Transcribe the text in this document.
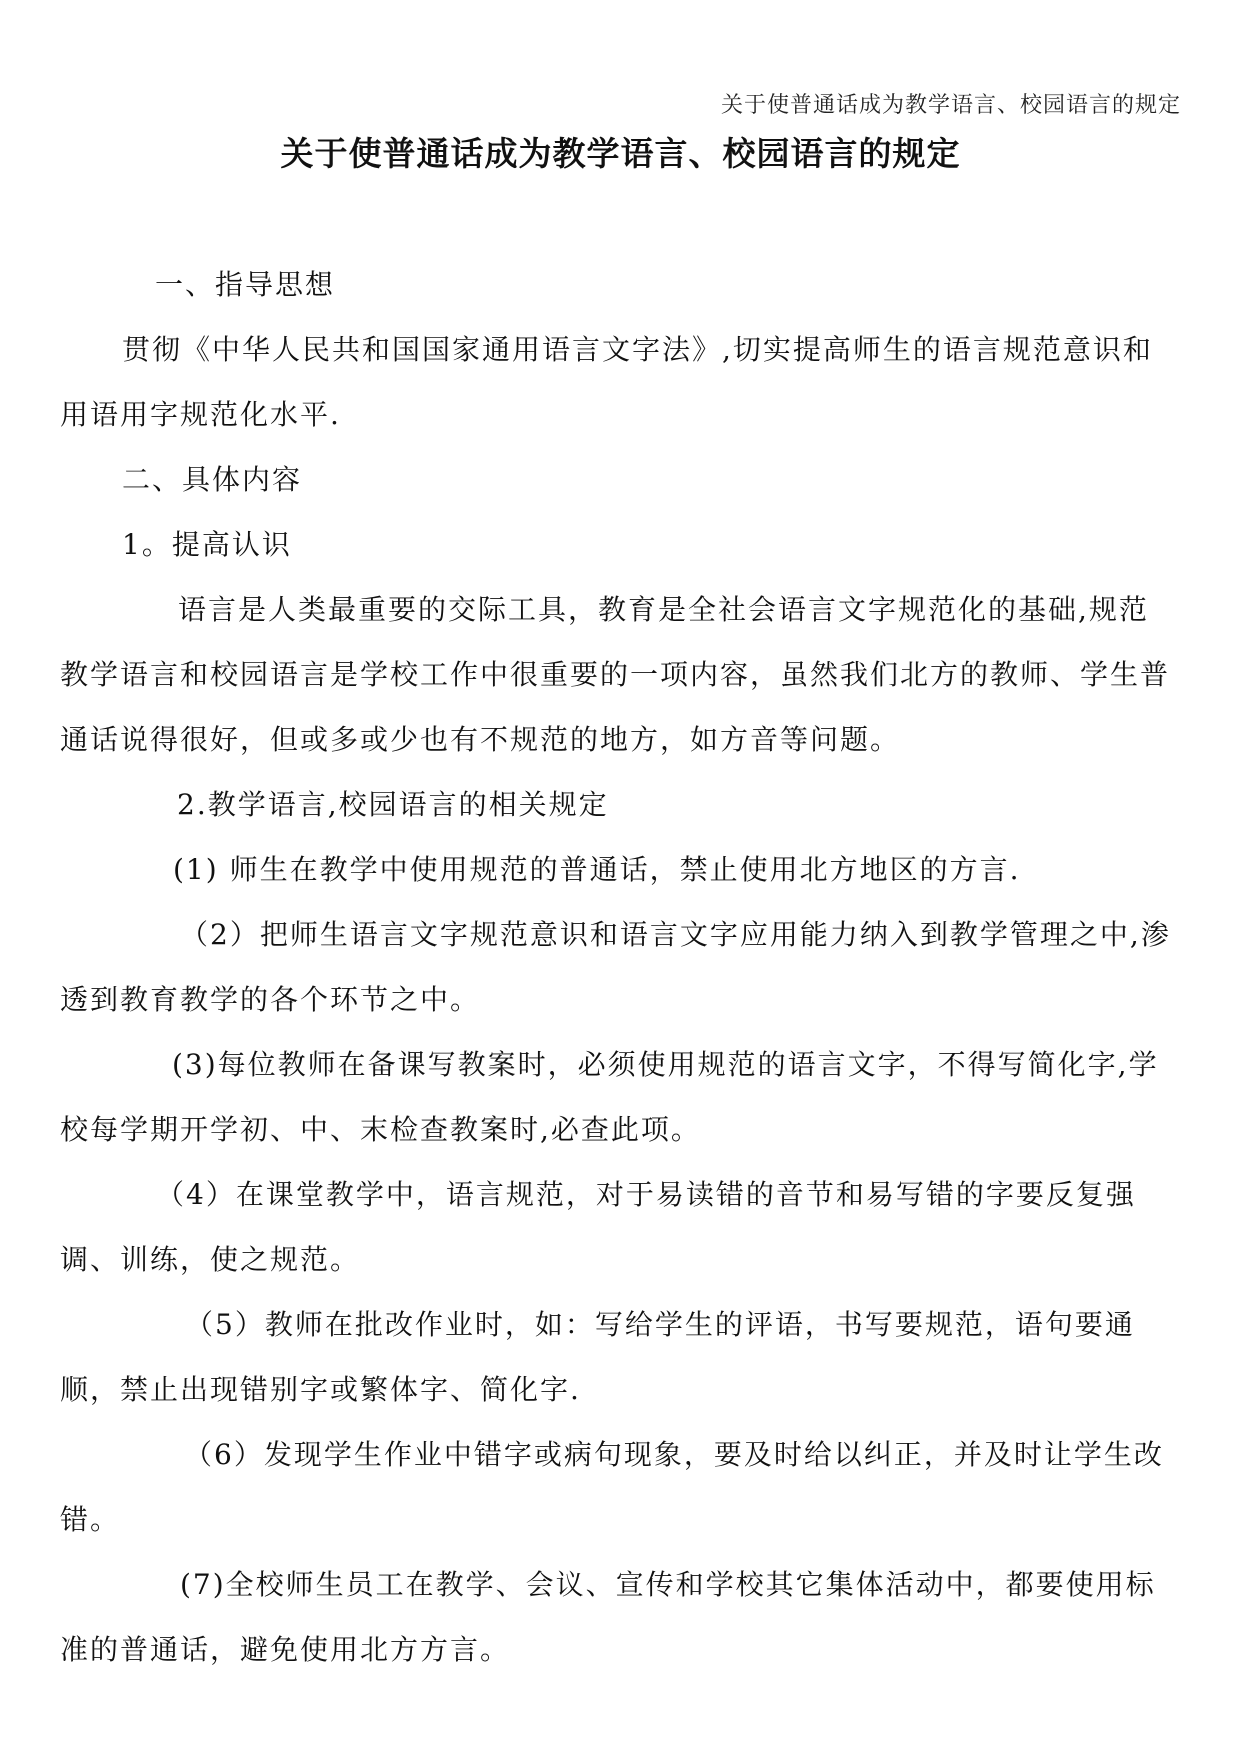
关于使普通话成为教学语言、校园语言的规定
关于使普通话成为教学语言、校园语言的规定

一、指导思想

贯彻《中华人民共和国国家通用语言文字法》,切实提高师生的语言规范意识和用语用字规范化水平.

二、具体内容

1。提高认识

语言是人类最重要的交际工具，教育是全社会语言文字规范化的基础,规范教学语言和校园语言是学校工作中很重要的一项内容，虽然我们北方的教师、学生普通话说得很好，但或多或少也有不规范的地方，如方音等问题。

2.教学语言,校园语言的相关规定

(1) 师生在教学中使用规范的普通话，禁止使用北方地区的方言.

（2）把师生语言文字规范意识和语言文字应用能力纳入到教学管理之中,渗透到教育教学的各个环节之中。

(3)每位教师在备课写教案时，必须使用规范的语言文字，不得写简化字,学校每学期开学初、中、末检查教案时,必查此项。

（4）在课堂教学中，语言规范，对于易读错的音节和易写错的字要反复强调、训练，使之规范。

（5）教师在批改作业时，如：写给学生的评语，书写要规范，语句要通顺，禁止出现错别字或繁体字、简化字.

（6）发现学生作业中错字或病句现象，要及时给以纠正，并及时让学生改错。

(7)全校师生员工在教学、会议、宣传和学校其它集体活动中，都要使用标准的普通话，避免使用北方方言。
